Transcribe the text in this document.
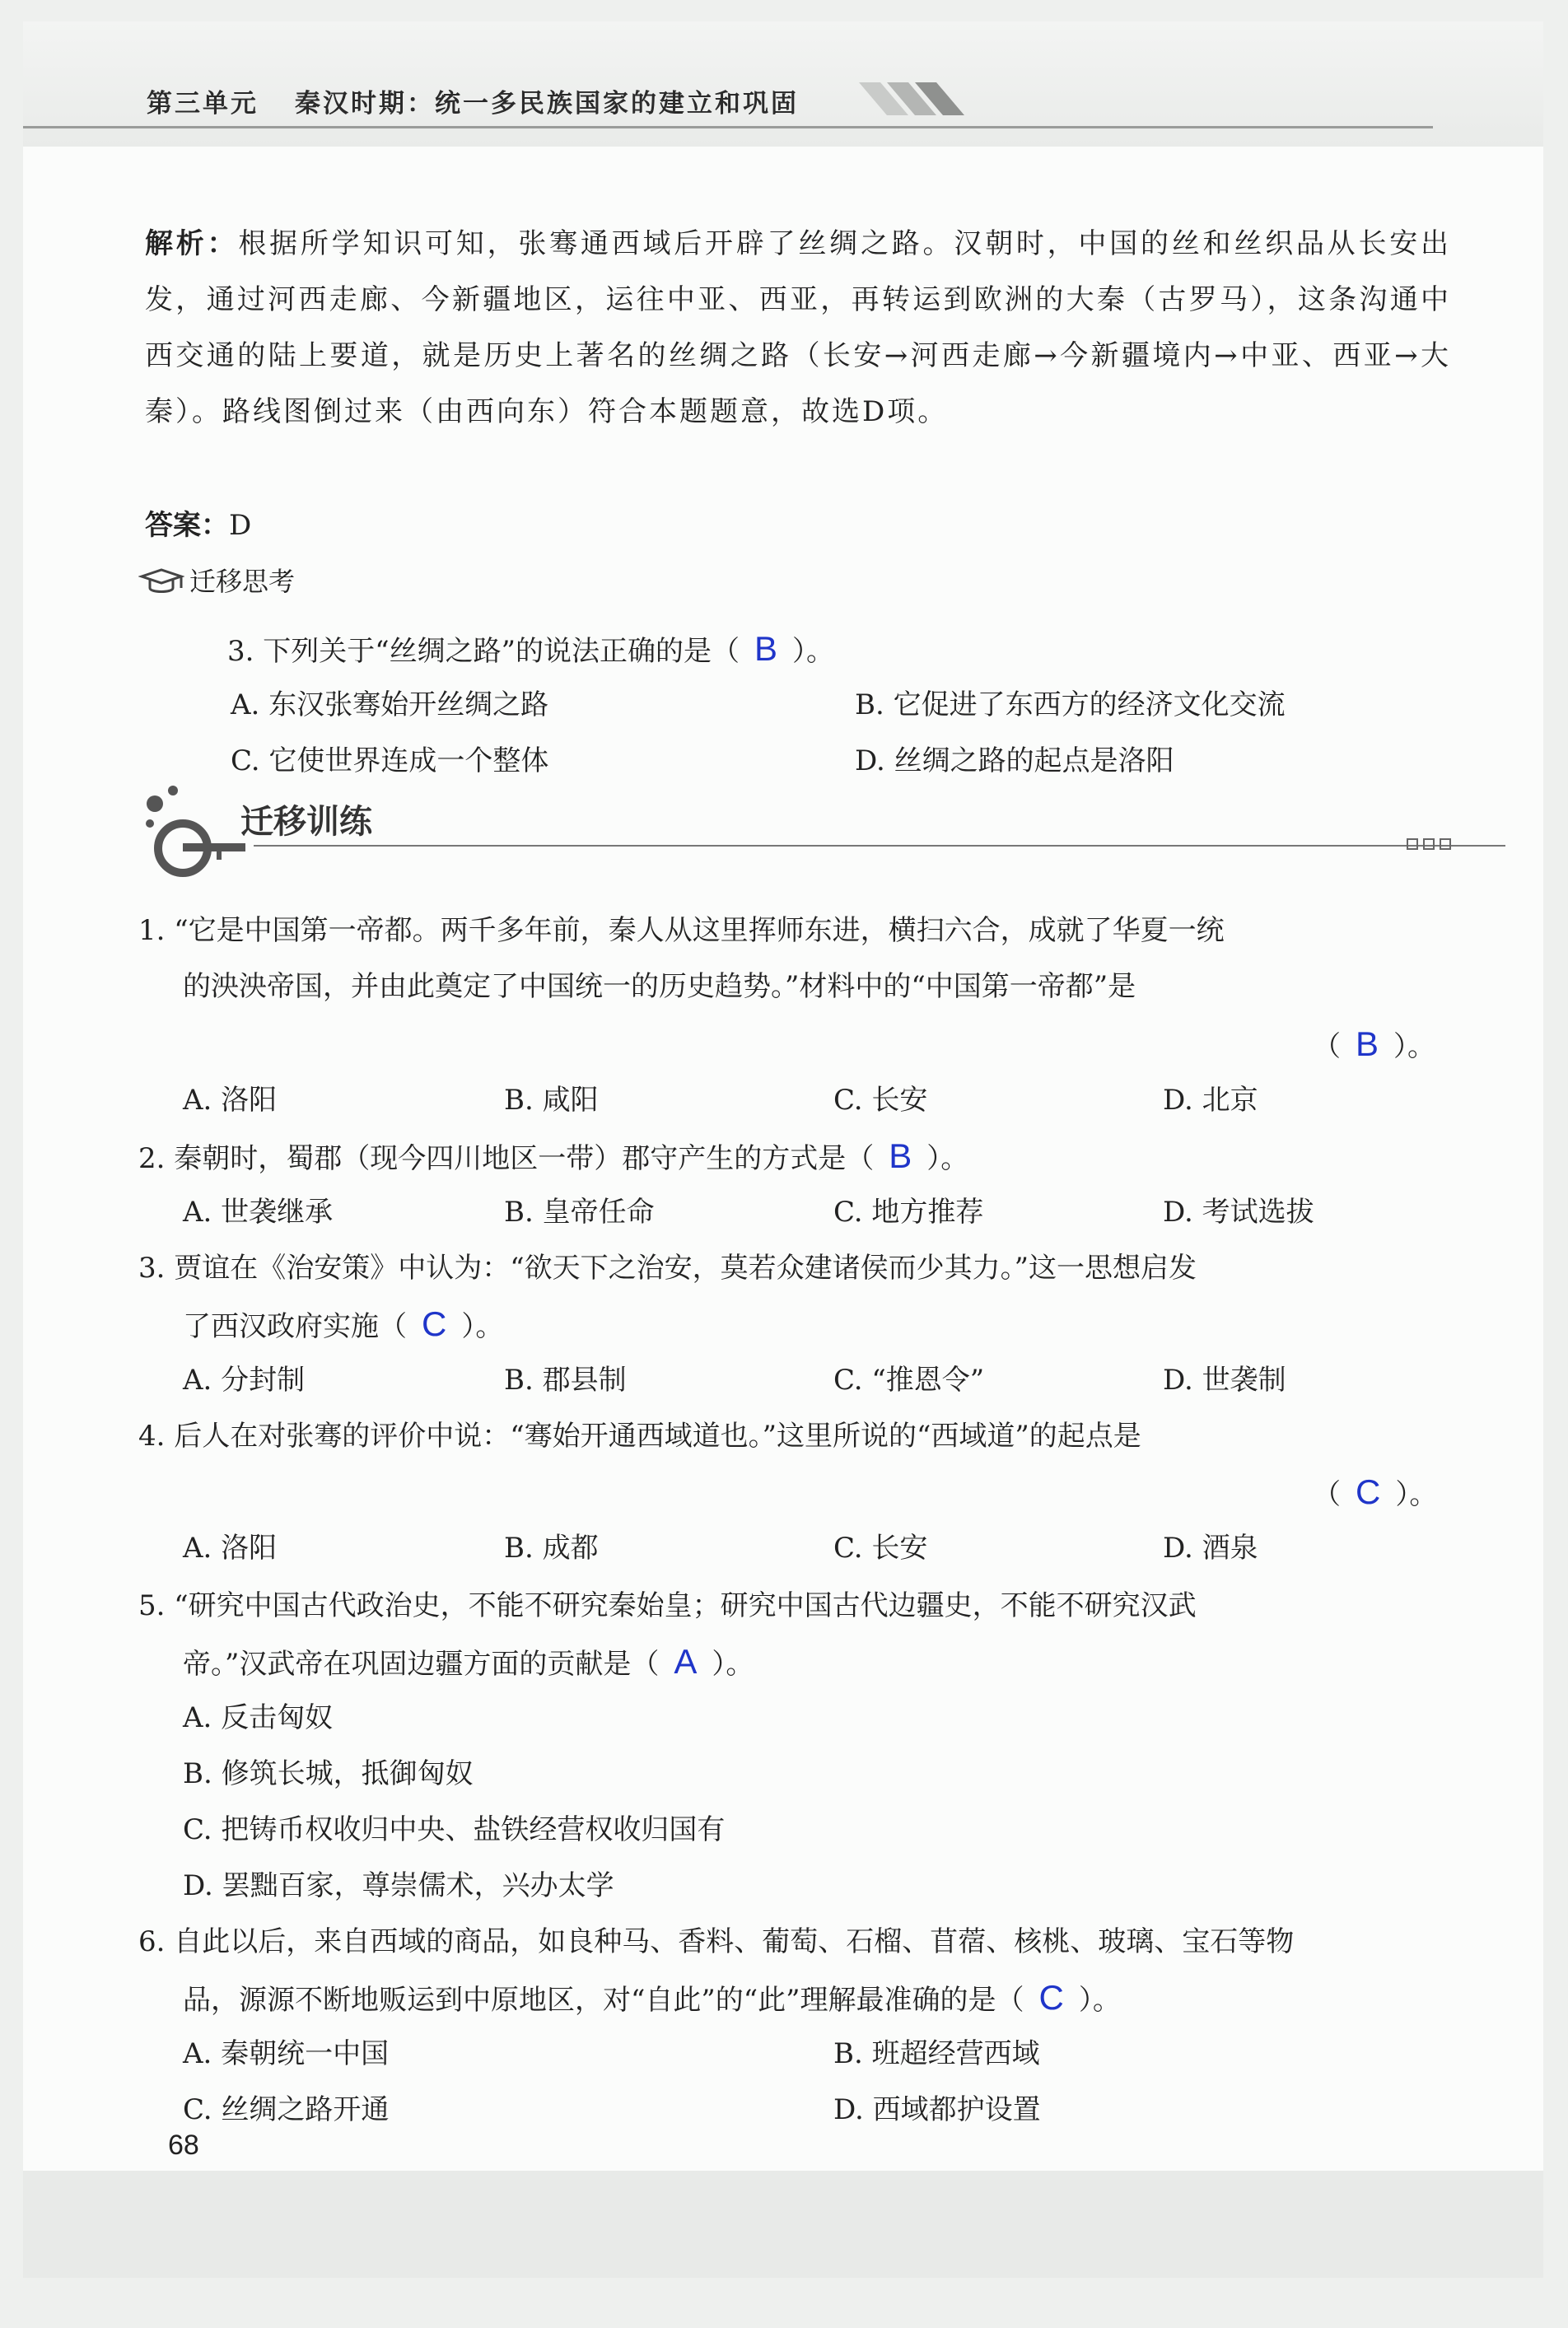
第三单元 秦汉时期：统一多民族国家的建立和巩固
解析：根据所学知识可知，张骞通西域后开辟了丝绸之路。汉朝时，中国的丝和丝织品从长安出发，通过河西走廊、今新疆地区，运往中亚、西亚，再转运到欧洲的大秦（古罗马），这条沟通中西交通的陆上要道，就是历史上著名的丝绸之路（长安→河西走廊→今新疆境内→中亚、西亚→大秦）。路线图倒过来（由西向东）符合本题题意，故选D项。
答案：D
迁移思考
3. 下列关于“丝绸之路”的说法正确的是（ B ）。
A. 东汉张骞始开丝绸之路	B. 它促进了东西方的经济文化交流
C. 它使世界连成一个整体	D. 丝绸之路的起点是洛阳
迁移训练
1. “它是中国第一帝都。两千多年前，秦人从这里挥师东进，横扫六合，成就了华夏一统
的泱泱帝国，并由此奠定了中国统一的历史趋势。”材料中的“中国第一帝都”是
（ B ）。
A. 洛阳	B. 咸阳	C. 长安	D. 北京
2. 秦朝时，蜀郡（现今四川地区一带）郡守产生的方式是（ B ）。
A. 世袭继承	B. 皇帝任命	C. 地方推荐	D. 考试选拔
3. 贾谊在《治安策》中认为：“欲天下之治安，莫若众建诸侯而少其力。”这一思想启发
了西汉政府实施（ C ）。
A. 分封制	B. 郡县制	C. “推恩令”	D. 世袭制
4. 后人在对张骞的评价中说：“骞始开通西域道也。”这里所说的“西域道”的起点是
（ C ）。
A. 洛阳	B. 成都	C. 长安	D. 酒泉
5. “研究中国古代政治史，不能不研究秦始皇；研究中国古代边疆史，不能不研究汉武
帝。”汉武帝在巩固边疆方面的贡献是（ A ）。
A. 反击匈奴
B. 修筑长城，抵御匈奴
C. 把铸币权收归中央、盐铁经营权收归国有
D. 罢黜百家，尊崇儒术，兴办太学
6. 自此以后，来自西域的商品，如良种马、香料、葡萄、石榴、苜蓿、核桃、玻璃、宝石等物
品，源源不断地贩运到中原地区，对“自此”的“此”理解最准确的是（ C ）。
A. 秦朝统一中国	B. 班超经营西域
C. 丝绸之路开通	D. 西域都护设置
68
